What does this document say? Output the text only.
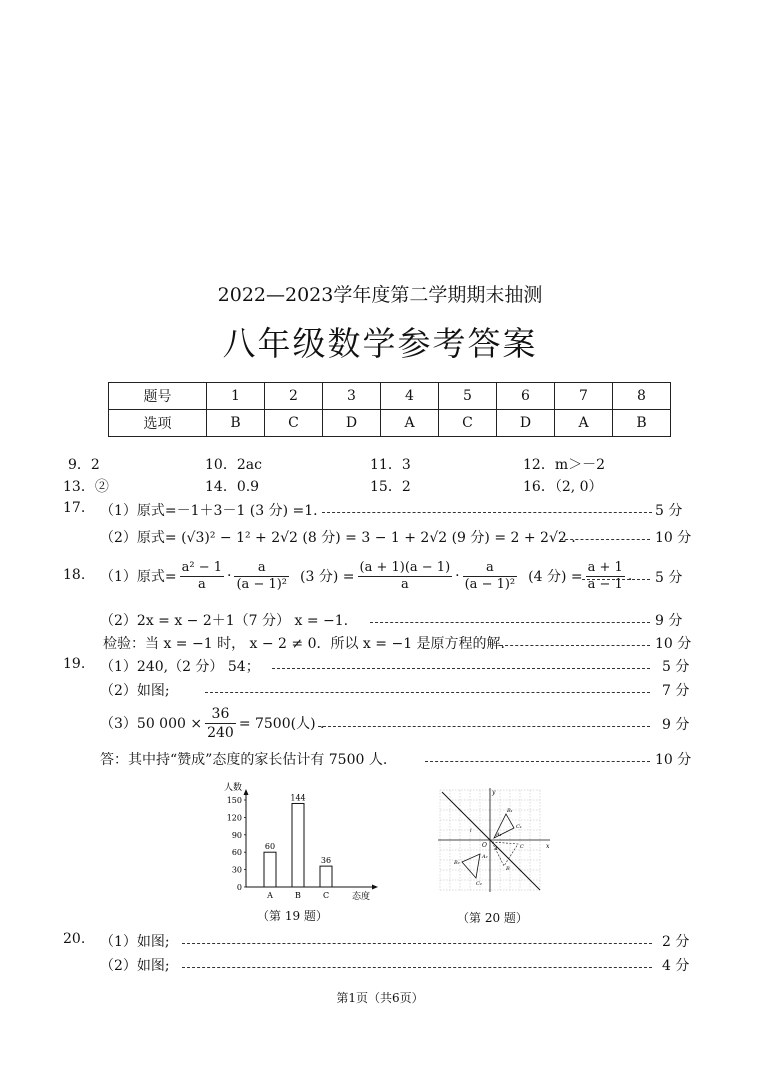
2022—2023学年度第二学期期末抽测
八年级数学参考答案
题号	1	2	3	4	5	6	7	8
选项	B	C	D	A	C	D	A	B
9．2	10．2ac	11．3	12．m＞－2
13．②	14．0.9	15．2	16．（2, 0）
17. （1）原式=－1＋3－1 (3 分) =1.	5 分
（2）原式= (√3)² − 1² + 2√2 (8 分) = 3 − 1 + 2√2 (9 分) = 2 + 2√2 .	10 分
18. （1）原式= $\frac{\text{a² − 1}}{a} \cdot \frac{a}{\text{(a − 1)²}} (3$ 分) = $\frac{(a + 1)(a - 1)}{a} \cdot \frac{a}{\text{(a − 1)²}} (4$ 分) = $\frac{a + 1}{a - 1}$ . 5 分
（2）2x = x − 2＋1（7 分） x = −1.	9 分
检验：当 x = −1 时， x − 2 ≠ 0．所以 x = −1 是原方程的解.	10 分
19. （1）240,（2 分） 54；	5 分
（2）如图;	7 分
（3）50 $000 \times \frac{36}{240} = 7500$(人) .	9 分
答：其中持“赞成”态度的家长估计有 7500 人.	10 分
人数
0
30
60
90
120
150
60
A
144
B
36
C	态度
（第 19 题）
y
x
O A
B
C
A₁
B₁
C₁
A₂
B₂
C₂
l
（第 20 题）
20. （1）如图;	2 分
（2）如图;	4 分
第1页（共6页）
